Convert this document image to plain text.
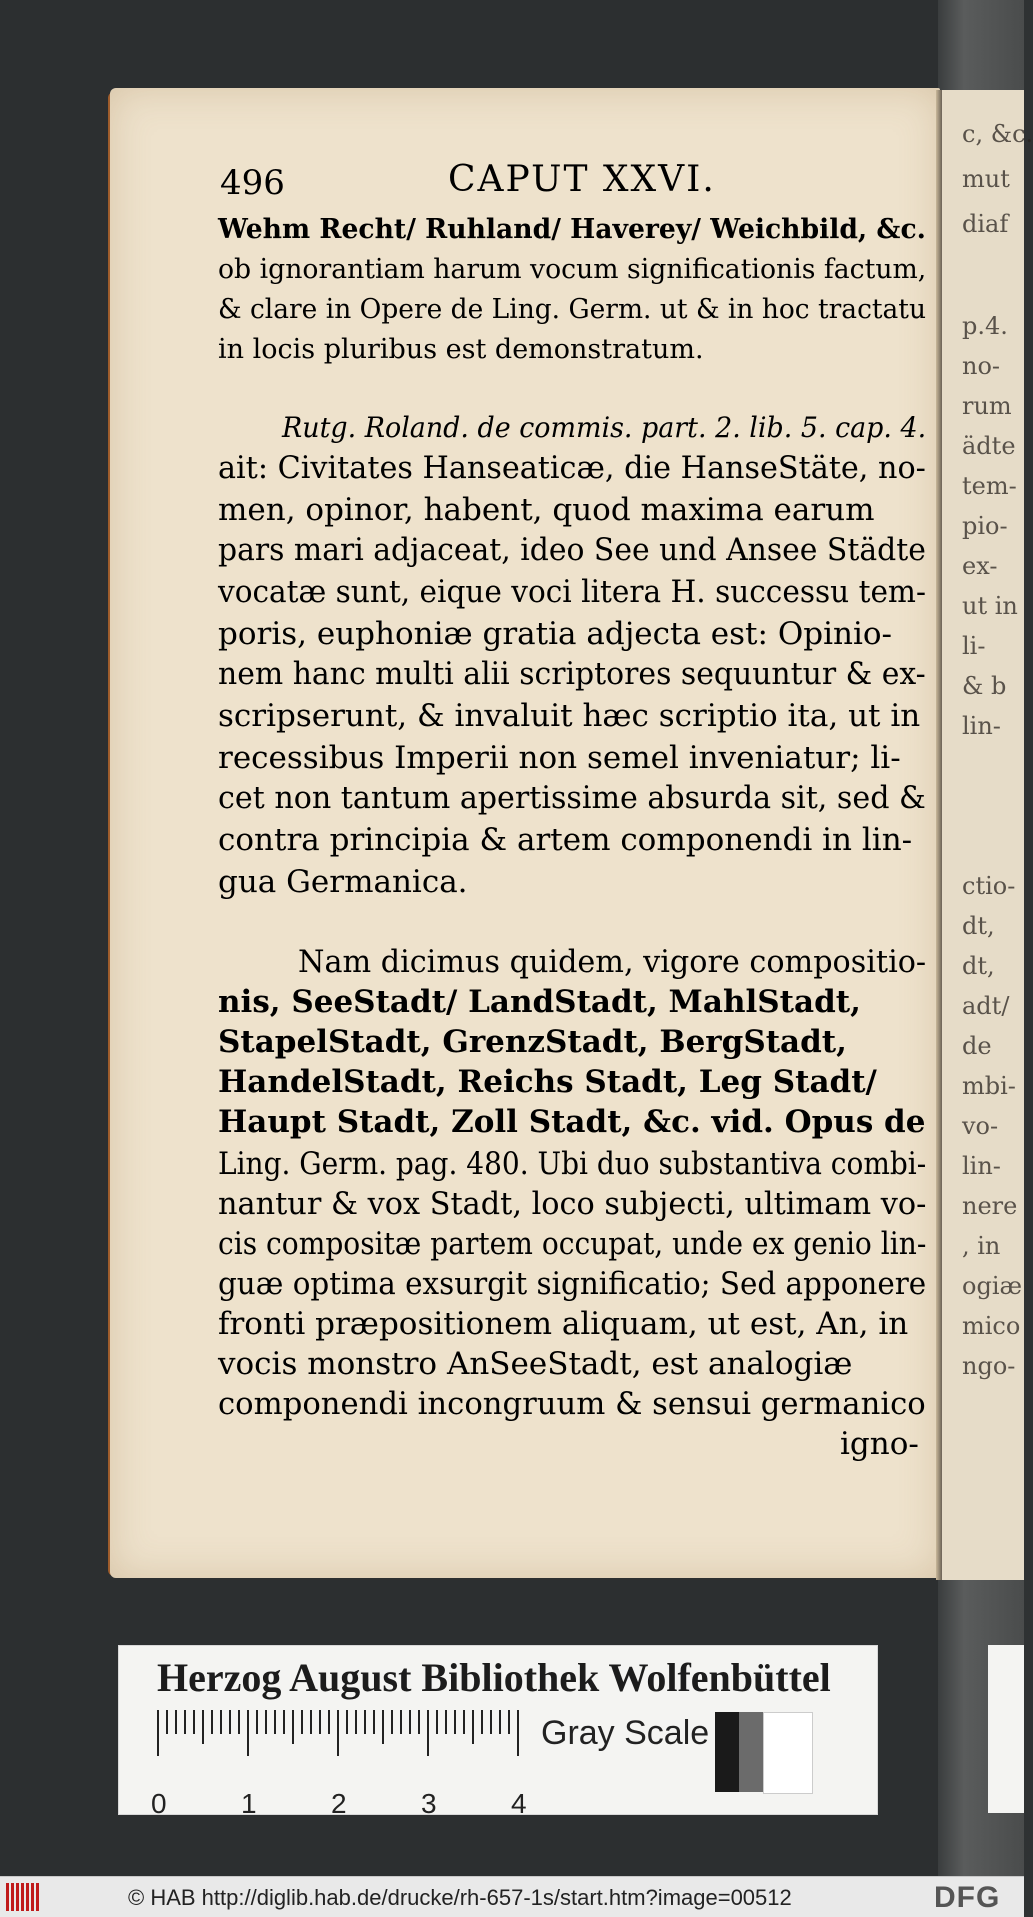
c, &c.
mut
diaf
p.4.
no-
rum
ädte
tem-
pio-
ex-
ut in
li-
& b
lin-
ctio-
dt,
dt,
adt/
de
mbi-
vo-
lin-
nere
, in
ogiæ
mico
ngo-
496	CAPUT XXVI.
Wehm Recht/ Ruhland/ Haverey/ Weichbild, &c.
ob ignorantiam harum vocum significationis factum,
& clare in Opere de Ling. Germ. ut & in hoc tractatu
in locis pluribus est demonstratum.
Rutg. Roland. de commis. part. 2. lib. 5. cap. 4.
ait: Civitates Hanseaticæ, die HanseStäte, no-
men, opinor, habent, quod maxima earum
pars mari adjaceat, ideo See und Ansee Städte
vocatæ sunt, eique voci litera H. successu tem-
poris, euphoniæ gratia adjecta est: Opinio-
nem hanc multi alii scriptores sequuntur & ex-
scripserunt, & invaluit hæc scriptio ita, ut in
recessibus Imperii non semel inveniatur; li-
cet non tantum apertissime absurda sit, sed &
contra principia & artem componendi in lin-
gua Germanica.
Nam dicimus quidem, vigore compositio-
nis, SeeStadt/ LandStadt, MahlStadt,
StapelStadt, GrenzStadt, BergStadt,
HandelStadt, Reichs Stadt, Leg Stadt/
Haupt Stadt, Zoll Stadt, &c. vid. Opus de
Ling. Germ. pag. 480. Ubi duo substantiva combi-
nantur & vox Stadt, loco subjecti, ultimam vo-
cis compositæ partem occupat, unde ex genio lin-
guæ optima exsurgit significatio; Sed apponere
fronti præpositionem aliquam, ut est, An, in
vocis monstro AnSeeStadt, est analogiæ
componendi incongruum & sensui germanico
igno-
Herzog August Bibliothek Wolfenbüttel
0	1	2	3	4
Gray Scale
© HAB http://diglib.hab.de/drucke/rh-657-1s/start.htm?image=00512	DFG
